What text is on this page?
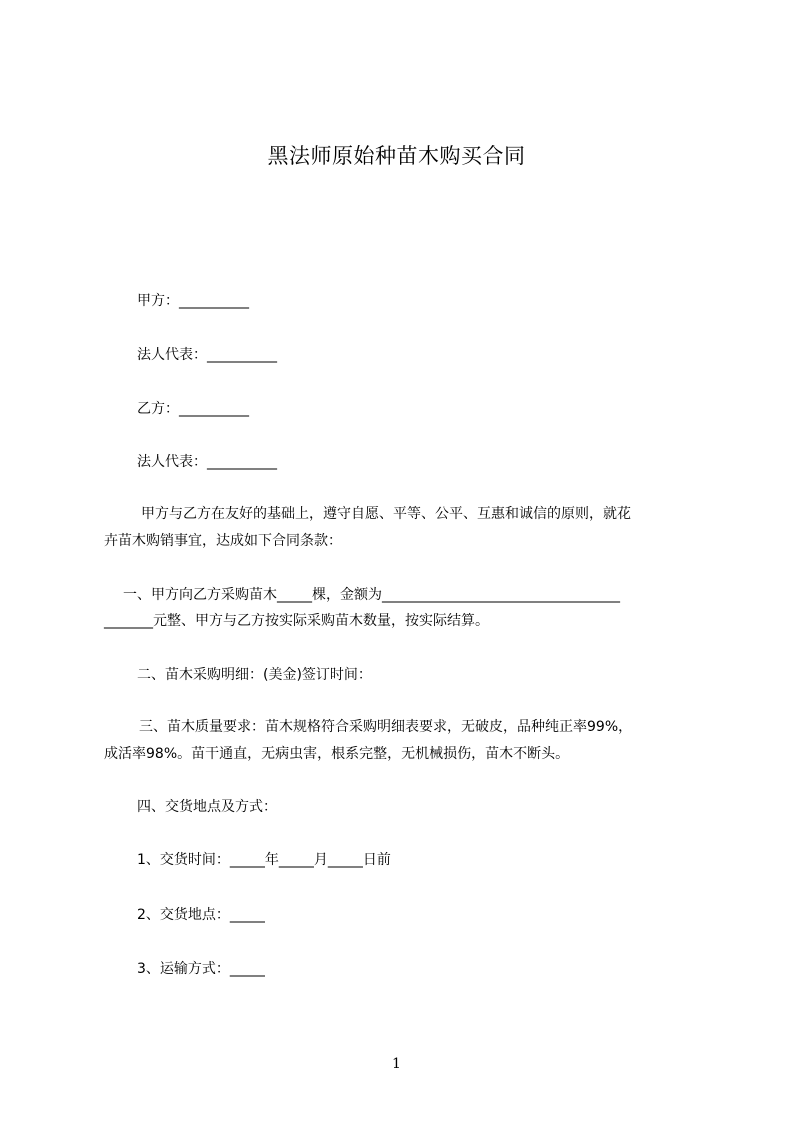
黑法师原始种苗木购买合同
甲方：__________
法人代表：__________
乙方：__________
法人代表：__________
甲方与乙方在友好的基础上，遵守自愿、平等、公平、互惠和诚信的原则，就花
卉苗木购销事宜，达成如下合同条款：
一、甲方向乙方采购苗木_____棵，金额为__________________________________
_______元整、甲方与乙方按实际采购苗木数量，按实际结算。
二、苗木采购明细：(美金)签订时间：
三、苗木质量要求：苗木规格符合采购明细表要求，无破皮，品种纯正率99%，
成活率98%。苗干通直，无病虫害，根系完整，无机械损伤，苗木不断头。
四、交货地点及方式：
1、交货时间：_____年_____月_____日前
2、交货地点：_____
3、运输方式：_____
1
